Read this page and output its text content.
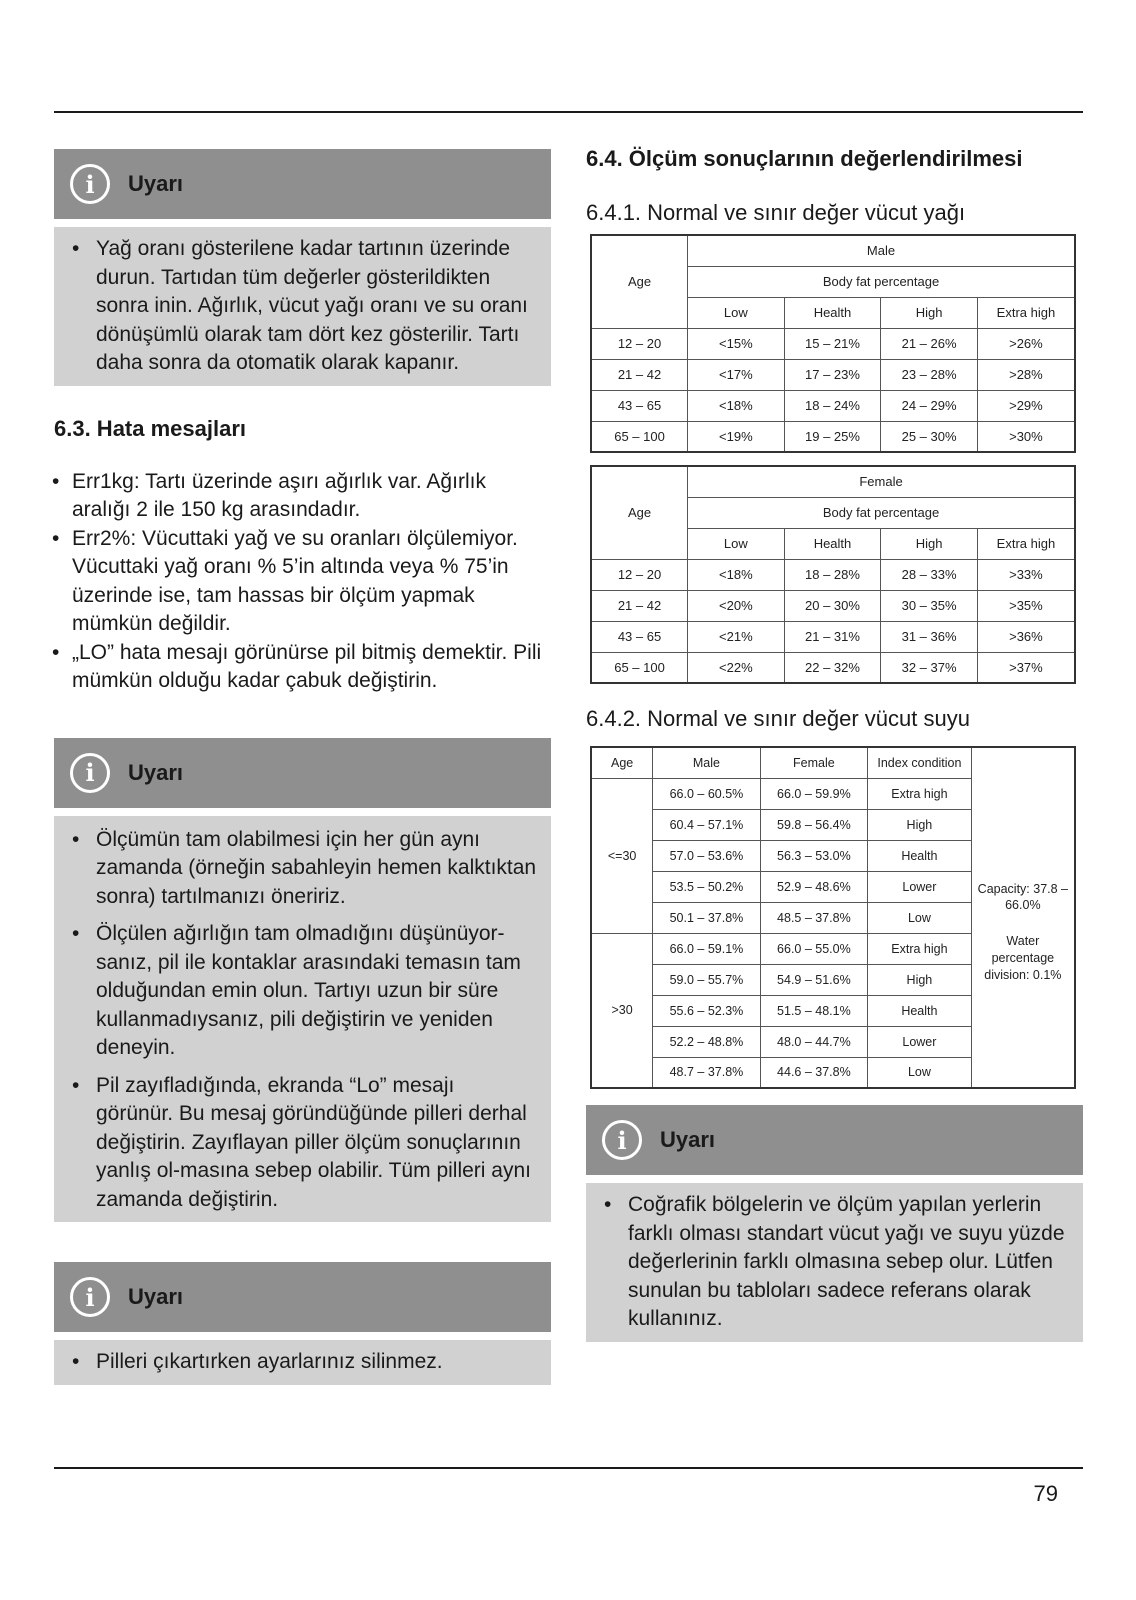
i	Uyarı
• Yağ oranı gösterilene kadar tartının üzerinde durun. Tartıdan tüm değerler gösterildikten sonra inin. Ağırlık, vücut yağı oranı ve su oranı dönüşümlü olarak tam dört kez gösterilir. Tartı daha sonra da otomatik olarak kapanır.
6.3. Hata mesajları
• Err1kg: Tartı üzerinde aşırı ağırlık var. Ağırlık aralığı 2 ile 150 kg arasındadır.
• Err2%: Vücuttaki yağ ve su oranları ölçülemiyor. Vücuttaki yağ oranı % 5’in altında veya % 75’in üzerinde ise, tam hassas bir ölçüm yapmak mümkün değildir.
• „LO” hata mesajı görünürse pil bitmiş demektir. Pili mümkün olduğu kadar çabuk değiştirin.
i	Uyarı
• Ölçümün tam olabilmesi için her gün aynı zamanda (örneğin sabahleyin hemen kalktıktan sonra) tartılmanızı öneririz.
• Ölçülen ağırlığın tam olmadığını düşünüyor-sanız, pil ile kontaklar arasındaki temasın tam olduğundan emin olun. Tartıyı uzun bir süre kullanmadıysanız, pili değiştirin ve yeniden deneyin.
• Pil zayıfladığında, ekranda “Lo” mesajı görünür. Bu mesaj göründüğünde pilleri derhal değiştirin. Zayıflayan piller ölçüm sonuçlarının yanlış ol-masına sebep olabilir. Tüm pilleri aynı zamanda değiştirin.
i	Uyarı
• Pilleri çıkartırken ayarlarınız silinmez.
6.4. Ölçüm sonuçlarının değerlendirilmesi
6.4.1. Normal ve sınır değer vücut yağı
Age	Male			
	Body fat percentage			
	Low	Health	High	Extra high
12 – 20	<15%	15 – 21%	21 – 26%	>26%
21 – 42	<17%	17 – 23%	23 – 28%	>28%
43 – 65	<18%	18 – 24%	24 – 29%	>29%
65 – 100	<19%	19 – 25%	25 – 30%	>30%
Age	Female			
	Body fat percentage			
	Low	Health	High	Extra high
12 – 20	<18%	18 – 28%	28 – 33%	>33%
21 – 42	<20%	20 – 30%	30 – 35%	>35%
43 – 65	<21%	21 – 31%	31 – 36%	>36%
65 – 100	<22%	22 – 32%	32 – 37%	>37%
6.4.2. Normal ve sınır değer vücut suyu
Age	Male	Female	Index condition	Capacity: 37.8 – 66.0%
<=30	66.0 – 60.5%	66.0 – 59.9%	Extra high	
	60.4 – 57.1%	59.8 – 56.4%	High	
	57.0 – 53.6%	56.3 – 53.0%	Health	
	53.5 – 50.2%	52.9 – 48.6%	Lower	
	50.1 – 37.8%	48.5 – 37.8%	Low	
>30	66.0 – 59.1%	66.0 – 55.0%	Extra high	Water percentage division: 0.1%
	59.0 – 55.7%	54.9 – 51.6%	High	
	55.6 – 52.3%	51.5 – 48.1%	Health	
	52.2 – 48.8%	48.0 – 44.7%	Lower	
	48.7 – 37.8%	44.6 – 37.8%	Low	
i	Uyarı
• Coğrafik bölgelerin ve ölçüm yapılan yerlerin farklı olması standart vücut yağı ve suyu yüzde değerlerinin farklı olmasına sebep olur. Lütfen sunulan bu tabloları sadece referans olarak kullanınız.
79
